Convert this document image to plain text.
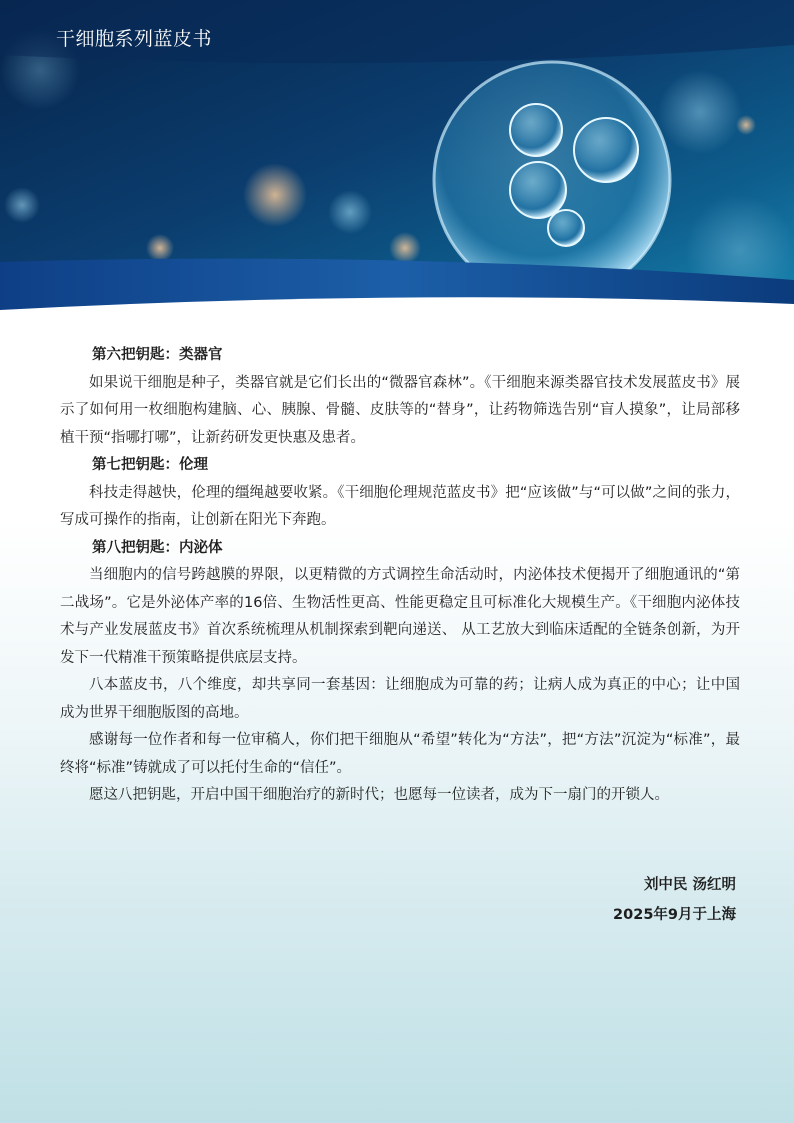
干细胞系列蓝皮书
第六把钥匙：类器官

如果说干细胞是种子，类器官就是它们长出的“微器官森林”。《干细胞来源类器官技术发展蓝皮书》展示了如何用一枚细胞构建脑、心、胰腺、骨髓、皮肤等的“替身”，让药物筛选告别“盲人摸象”，让局部移植干预“指哪打哪”，让新药研发更快惠及患者。

第七把钥匙：伦理

科技走得越快，伦理的缰绳越要收紧。《干细胞伦理规范蓝皮书》把“应该做”与“可以做”之间的张力，写成可操作的指南，让创新在阳光下奔跑。

第八把钥匙：内泌体

当细胞内的信号跨越膜的界限，以更精微的方式调控生命活动时，内泌体技术便揭开了细胞通讯的“第二战场”。它是外泌体产率的16倍、生物活性更高、性能更稳定且可标准化大规模生产。《干细胞内泌体技术与产业发展蓝皮书》首次系统梳理从机制探索到靶向递送、 从工艺放大到临床适配的全链条创新，为开发下一代精准干预策略提供底层支持。

八本蓝皮书，八个维度，却共享同一套基因：让细胞成为可靠的药；让病人成为真正的中心；让中国成为世界干细胞版图的高地。

感谢每一位作者和每一位审稿人，你们把干细胞从“希望”转化为“方法”，把“方法”沉淀为“标准”，最终将“标准”铸就成了可以托付生命的“信任”。

愿这八把钥匙，开启中国干细胞治疗的新时代；也愿每一位读者，成为下一扇门的开锁人。

刘中民 汤红明
2025年9月于上海
